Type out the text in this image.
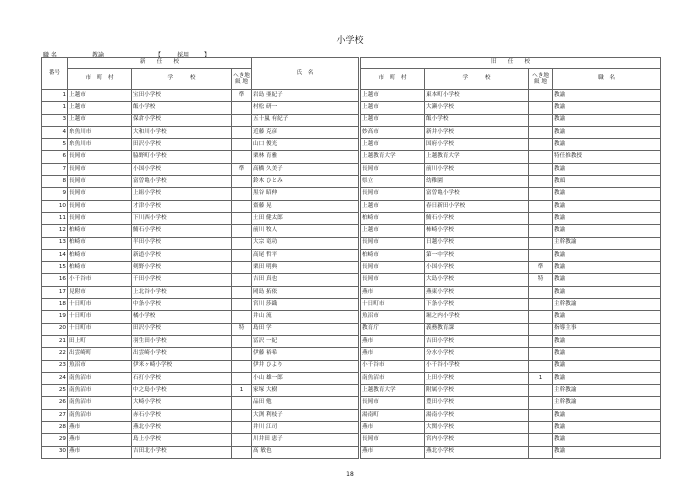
小学校
職 名	教諭	【	採用 】
番号	新　　任　　校			氏　名		旧　　任　　校			
	市　町　村	学　　　校	へき地
級 地			市　町　村	学　　　校	へき地
級 地	職　名
1	上越市	宝田小学校	準	岩島 亜紀子		上越市	東本町小学校		教諭
1	上越市	飯小学校		村松 研一		上越市	大瀬小学校		教諭
3	上越市	保倉小学校		五十嵐 有紀子		上越市	飯小学校		教諭
4	糸魚川市	大和川小学校		近藤 克彦		妙高市	新井小学校		教諭
5	糸魚川市	田沢小学校		山口 俊光		上越市	国府小学校		教諭
6	長岡市	脇野町小学校		栗林 育雅		上越教育大学	上越教育大学		特任推教授
7	長岡市	小国小学校	準	高橋 久美子		長岡市	前川小学校		教諭
8	長岡市	富曽亀小学校		鈴木 ひとみ		県立	幼稚園		教頭
9	長岡市	上組小学校		黒谷 昭伸		長岡市	富曽亀小学校		教諭
10	長岡市	才津小学校		齋藤 晃		上越市	春日新田小学校		教諭
11	長岡市	下川西小学校		土田 健太郎		柏崎市	鯖石小学校		教諭
12	柏崎市	鯖石小学校		前川 牧人		上越市	柿崎小学校		教諭
13	柏崎市	半田小学校		大宗 竜功		長岡市	日越小学校		主幹教諭
14	柏崎市	新道小学校		高尾 哲平		柏崎市	第一中学校		教諭
15	柏崎市	剣野小学校		栗田 明典		長岡市	小国小学校	準	教諭
16	小千谷市	千田小学校		吉田 真也		長岡市	大島小学校	特	教諭
17	見附市	上北谷小学校		岡島 拓依		燕市	燕東小学校		教諭
18	十日町市	中条小学校		宮川 莎織		十日町市	下条小学校		主幹教諭
19	十日町市	橘小学校		井山 流		魚沼市	堀之内小学校		教諭
20	十日町市	田沢小学校	特	島田 学		教育庁	義務教育課		指導主事
21	田上町	羽生田小学校		冨沢 一紀		燕市	吉田小学校		教諭
22	出雲崎町	出雲崎小学校		伊藤 裕希		燕市	分水小学校		教諭
23	魚沼市	伊米ヶ崎小学校		伊井 ひより		小千谷市	小千谷小学校		教諭
24	南魚沼市	石打小学校		小山 雄一郎		南魚沼市	上田小学校	1	教諭
25	南魚沼市	中之島小学校	1	家塚 大樹		上越教育大学	附属小学校		主幹教諭
26	南魚沼市	大崎小学校		品田 勉		長岡市	豊田小学校		主幹教諭
27	南魚沼市	赤石小学校		大渕 利枝子		湯南町	湯南小学校		教諭
28	燕市	燕北小学校		井川 江司		燕市	大関小学校		教諭
29	燕市	島上小学校		川井田 恵子		長岡市	宮内小学校		教諭
30	燕市	吉田北小学校		髙 敏也		燕市	燕北小学校		教諭
18
